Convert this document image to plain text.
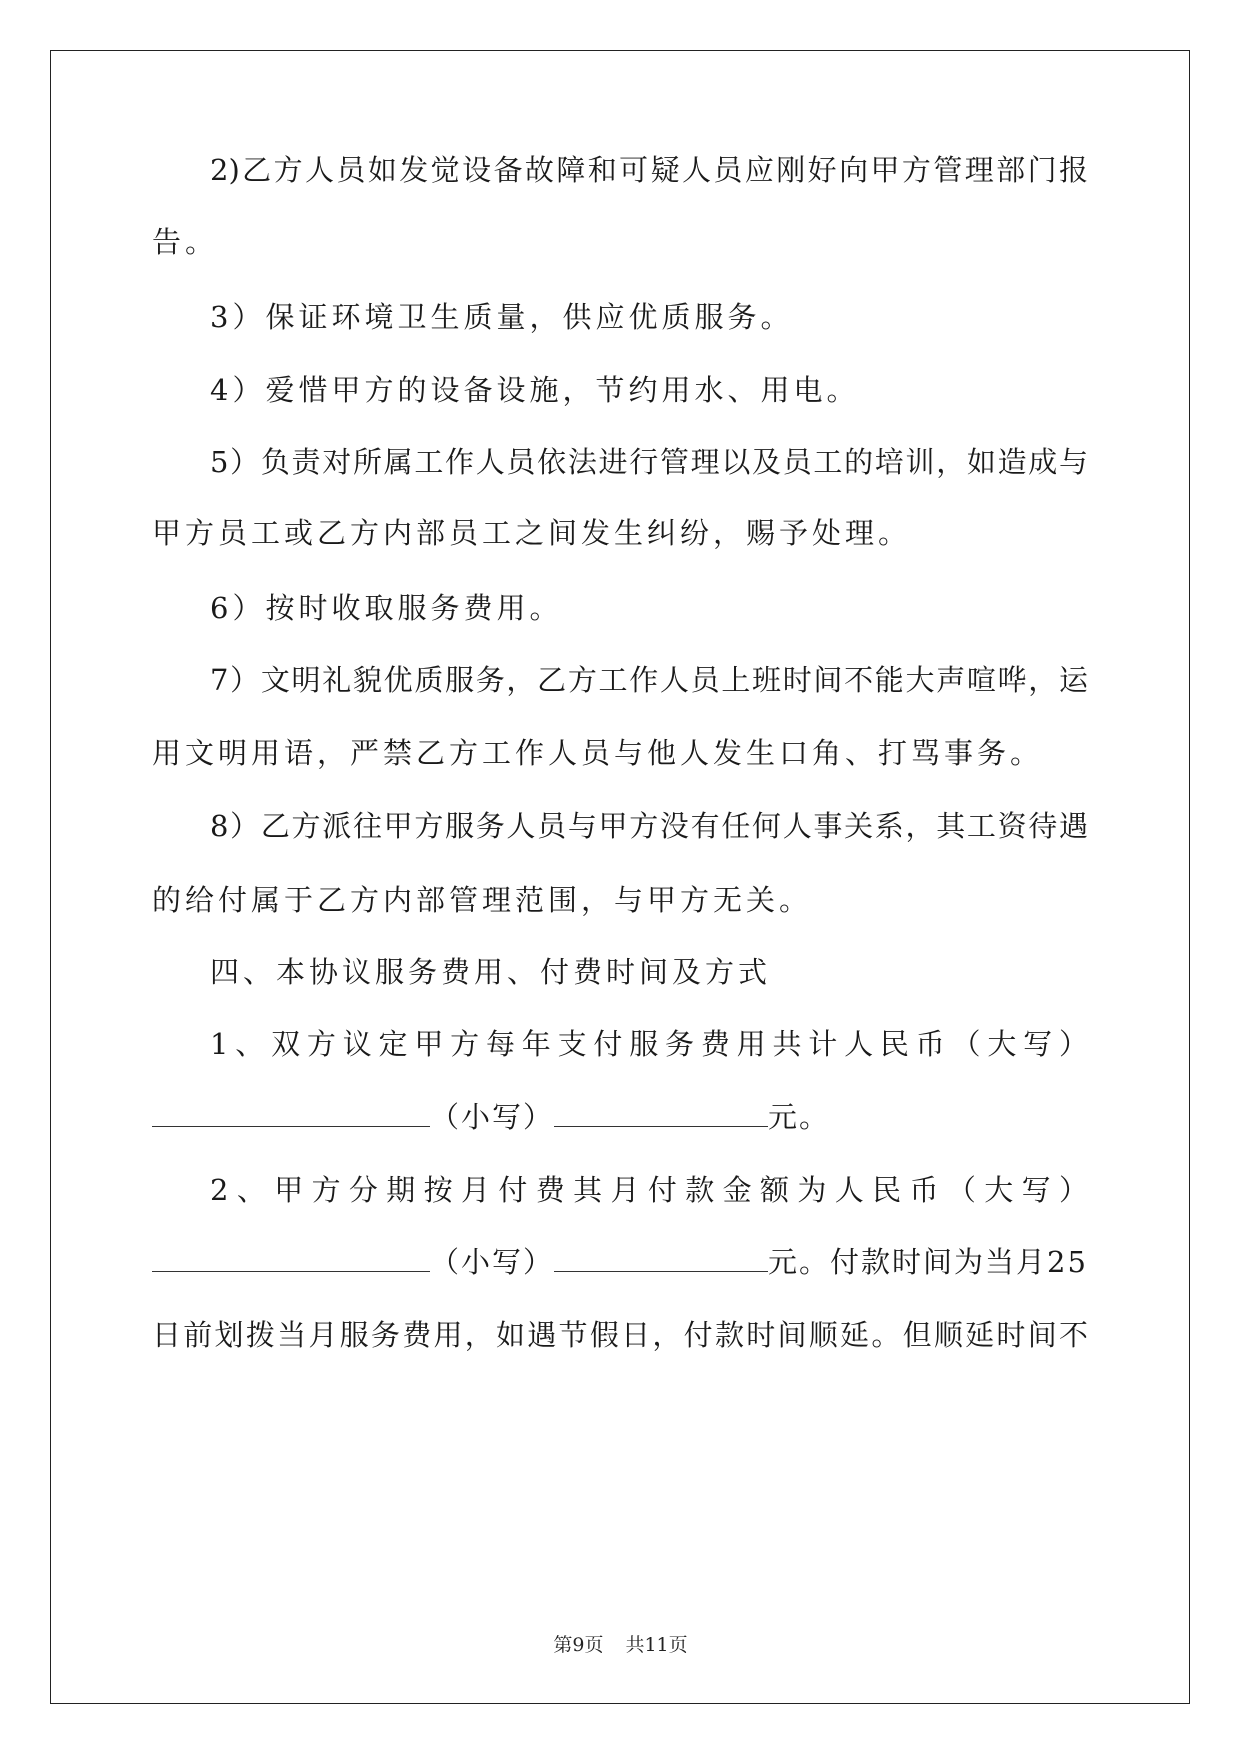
2)乙方人员如发觉设备故障和可疑人员应刚好向甲方管理部门报
告。
3）保证环境卫生质量，供应优质服务。
4）爱惜甲方的设备设施，节约用水、用电。
5）负责对所属工作人员依法进行管理以及员工的培训，如造成与
甲方员工或乙方内部员工之间发生纠纷，赐予处理。
6）按时收取服务费用。
7）文明礼貌优质服务，乙方工作人员上班时间不能大声喧哗，运
用文明用语，严禁乙方工作人员与他人发生口角、打骂事务。
8）乙方派往甲方服务人员与甲方没有任何人事关系，其工资待遇
的给付属于乙方内部管理范围，与甲方无关。
四、本协议服务费用、付费时间及方式
1、双方议定甲方每年支付服务费用共计人民币（大写）
（小写）	元。
2、甲方分期按月付费其月付款金额为人民币（大写）
（小写）	元。付款时间为当月25
日前划拨当月服务费用，如遇节假日，付款时间顺延。但顺延时间不
第9页 共11页
